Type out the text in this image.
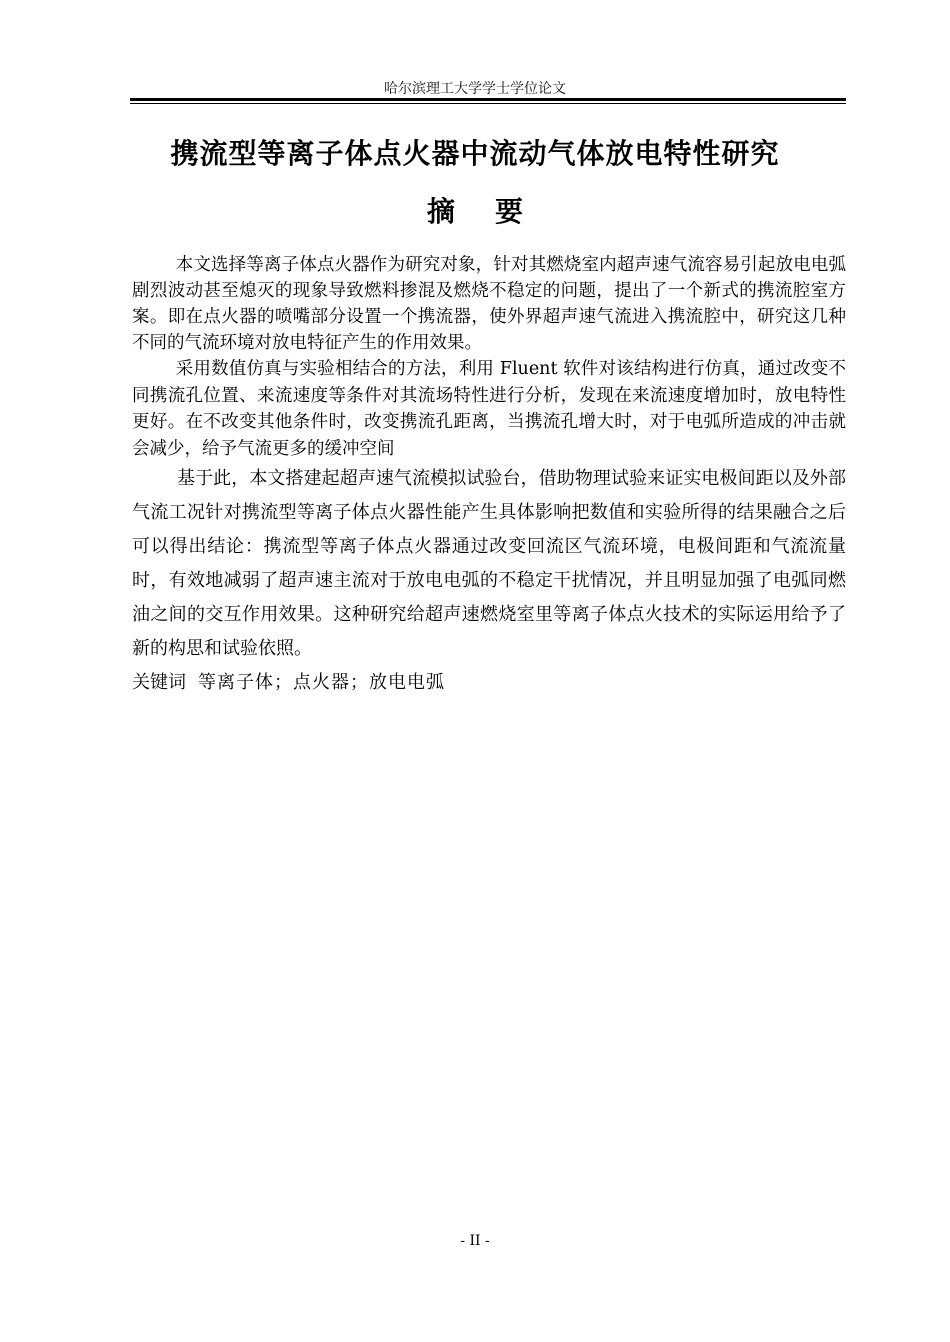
哈尔滨理工大学学士学位论文
携流型等离子体点火器中流动气体放电特性研究
摘 要

本文选择等离子体点火器作为研究对象，针对其燃烧室内超声速气流容易引起放电电弧剧烈波动甚至熄灭的现象导致燃料掺混及燃烧不稳定的问题，提出了一个新式的携流腔室方案。即在点火器的喷嘴部分设置一个携流器，使外界超声速气流进入携流腔中，研究这几种不同的气流环境对放电特征产生的作用效果。

采用数值仿真与实验相结合的方法，利用 Fluent 软件对该结构进行仿真，通过改变不同携流孔位置、来流速度等条件对其流场特性进行分析，发现在来流速度增加时，放电特性更好。在不改变其他条件时，改变携流孔距离，当携流孔增大时，对于电弧所造成的冲击就会减少，给予气流更多的缓冲空间

基于此，本文搭建起超声速气流模拟试验台，借助物理试验来证实电极间距以及外部气流工况针对携流型等离子体点火器性能产生具体影响把数值和实验所得的结果融合之后可以得出结论：携流型等离子体点火器通过改变回流区气流环境，电极间距和气流流量时，有效地减弱了超声速主流对于放电电弧的不稳定干扰情况，并且明显加强了电弧同燃油之间的交互作用效果。这种研究给超声速燃烧室里等离子体点火技术的实际运用给予了新的构思和试验依照。

关键词 等离子体；点火器；放电电弧

- II -
